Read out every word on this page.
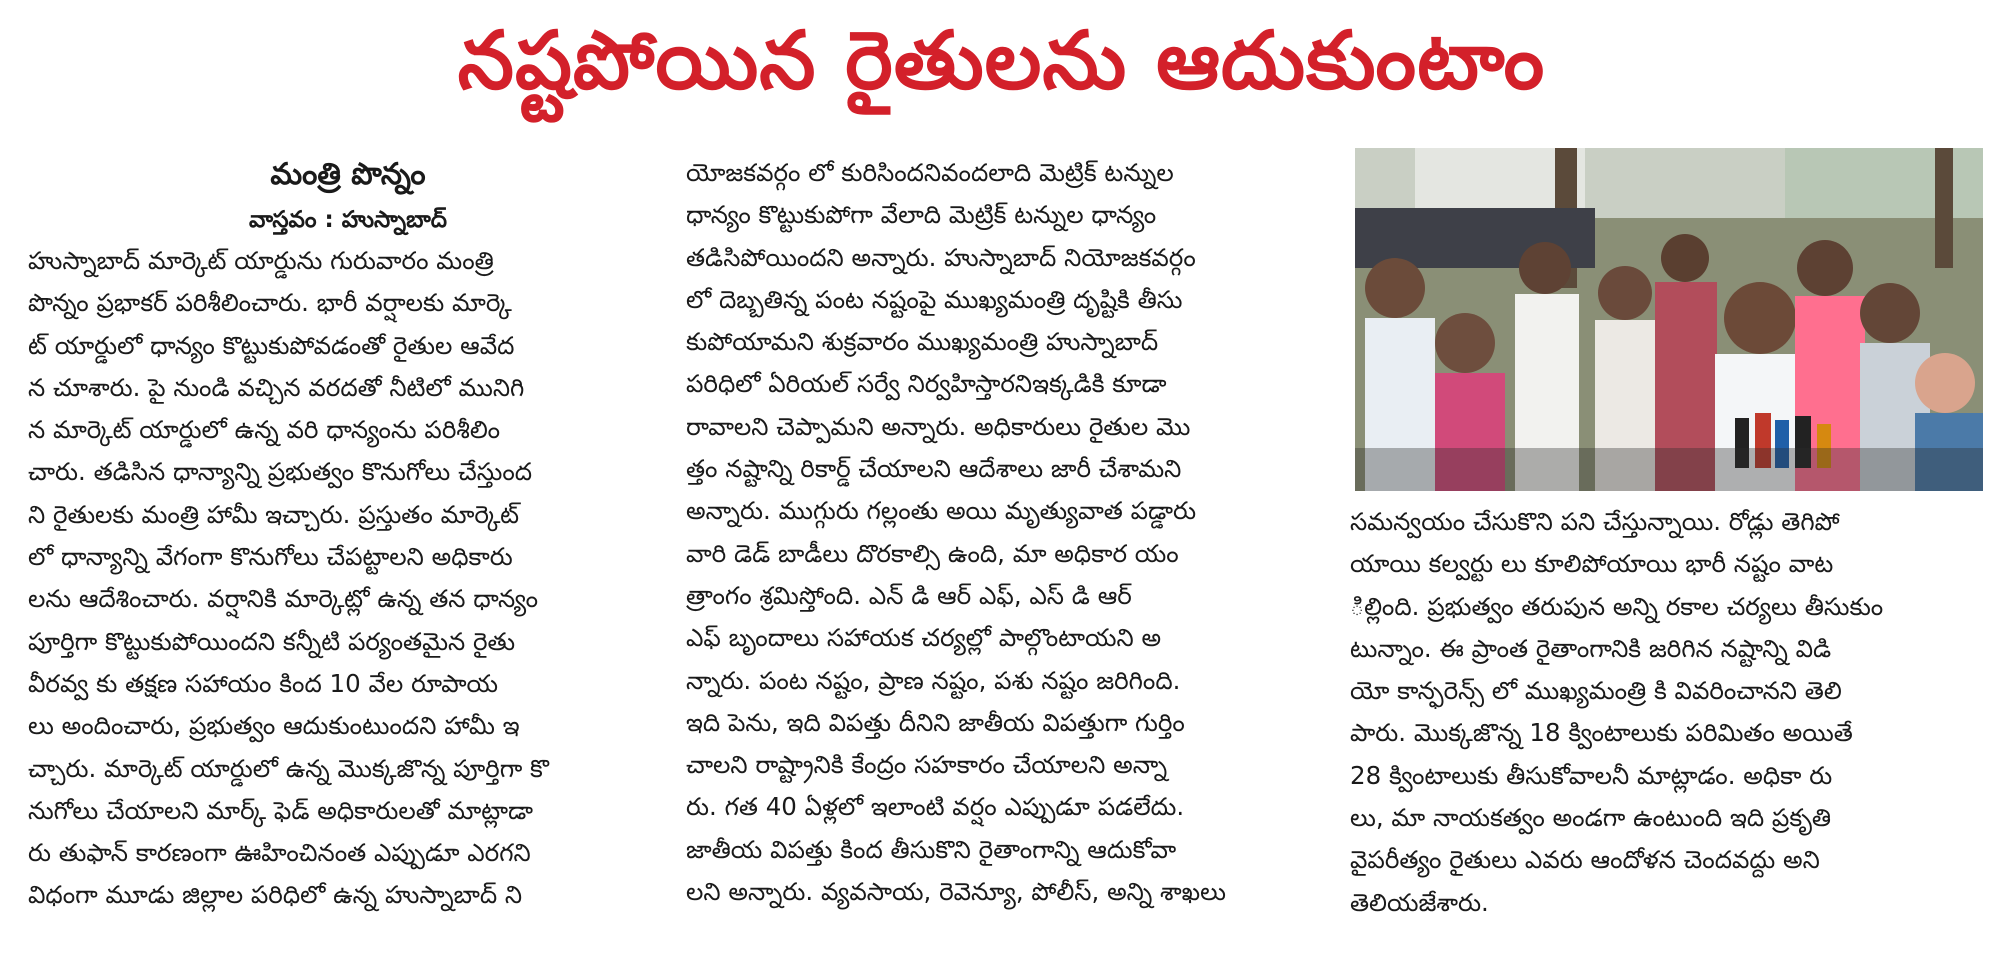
నష్టపోయిన రైతులను ఆదుకుంటాం
మంత్రి పొన్నం
వాస్తవం : హుస్నాబాద్
హుస్నాబాద్ మార్కెట్ యార్డును గురువారం మంత్రి
పొన్నం ప్రభాకర్ పరిశీలించారు. భారీ వర్షాలకు మార్కె
ట్ యార్డులో ధాన్యం కొట్టుకుపోవడంతో రైతుల ఆవేద
న చూశారు. పై నుండి వచ్చిన వరదతో నీటిలో మునిగి
న మార్కెట్ యార్డులో ఉన్న వరి ధాన్యంను పరిశీలిం
చారు. తడిసిన ధాన్యాన్ని ప్రభుత్వం కొనుగోలు చేస్తుంద
ని రైతులకు మంత్రి హామీ ఇచ్చారు. ప్రస్తుతం మార్కెట్
లో ధాన్యాన్ని వేగంగా కొనుగోలు చేపట్టాలని అధికారు
లను ఆదేశించారు. వర్షానికి మార్కెట్లో ఉన్న తన ధాన్యం
పూర్తిగా కొట్టుకుపోయిందని కన్నీటి పర్యంతమైన రైతు
వీరవ్వ కు తక్షణ సహాయం కింద 10 వేల రూపాయ
లు అందించారు, ప్రభుత్వం ఆదుకుంటుందని హామీ ఇ
చ్చారు. మార్కెట్ యార్డులో ఉన్న మొక్కజొన్న పూర్తిగా కొ
నుగోలు చేయాలని మార్క్ ఫెడ్ అధికారులతో మాట్లాడా
రు తుఫాన్ కారణంగా ఊహించినంత ఎప్పుడూ ఎరగని
విధంగా మూడు జిల్లాల పరిధిలో ఉన్న హుస్నాబాద్ ని
యోజకవర్గం లో కురిసిందనివందలాది మెట్రిక్ టన్నుల
ధాన్యం కొట్టుకుపోగా వేలాది మెట్రిక్ టన్నుల ధాన్యం
తడిసిపోయిందని అన్నారు. హుస్నాబాద్ నియోజకవర్గం
లో దెబ్బతిన్న పంట నష్టంపై ముఖ్యమంత్రి దృష్టికి తీసు
కుపోయామని శుక్రవారం ముఖ్యమంత్రి హుస్నాబాద్
పరిధిలో ఏరియల్ సర్వే నిర్వహిస్తారనిఇక్కడికి కూడా
రావాలని చెప్పామని అన్నారు. అధికారులు రైతుల మొ
త్తం నష్టాన్ని రికార్డ్ చేయాలని ఆదేశాలు జారీ చేశామని
అన్నారు. ముగ్గురు గల్లంతు అయి మృత్యువాత పడ్డారు
వారి డెడ్ బాడీలు దొరకాల్సి ఉంది, మా అధికార యం
త్రాంగం శ్రమిస్తోంది. ఎన్ డి ఆర్ ఎఫ్, ఎస్ డి ఆర్
ఎఫ్ బృందాలు సహాయక చర్యల్లో పాల్గొంటాయని అ
న్నారు. పంట నష్టం, ప్రాణ నష్టం, పశు నష్టం జరిగింది.
ఇది పెను, ఇది విపత్తు దీనిని జాతీయ విపత్తుగా గుర్తిం
చాలని రాష్ట్రానికి కేంద్రం సహకారం చేయాలని అన్నా
రు. గత 40 ఏళ్లలో ఇలాంటి వర్షం ఎప్పుడూ పడలేదు.
జాతీయ విపత్తు కింద తీసుకొని రైతాంగాన్ని ఆదుకోవా
లని అన్నారు. వ్యవసాయ, రెవెన్యూ, పోలీస్, అన్ని శాఖలు
సమన్వయం చేసుకొని పని చేస్తున్నాయి. రోడ్లు తెగిపో
యాయి కల్వర్టు లు కూలిపోయాయి భారీ నష్టం వాట
ిల్లింది. ప్రభుత్వం తరుపున అన్ని రకాల చర్యలు తీసుకుం
టున్నాం. ఈ ప్రాంత రైతాంగానికి జరిగిన నష్టాన్ని విడి
యో కాన్ఫరెన్స్ లో ముఖ్యమంత్రి కి వివరించానని తెలి
పారు. మొక్కజొన్న 18 క్వింటాలుకు పరిమితం అయితే
28 క్వింటాలుకు తీసుకోవాలనీ మాట్లాడం. అధికా రు
లు, మా నాయకత్వం అండగా ఉంటుంది ఇది ప్రకృతి
వైపరీత్యం రైతులు ఎవరు ఆందోళన చెందవద్దు అని
తెలియజేశారు.
